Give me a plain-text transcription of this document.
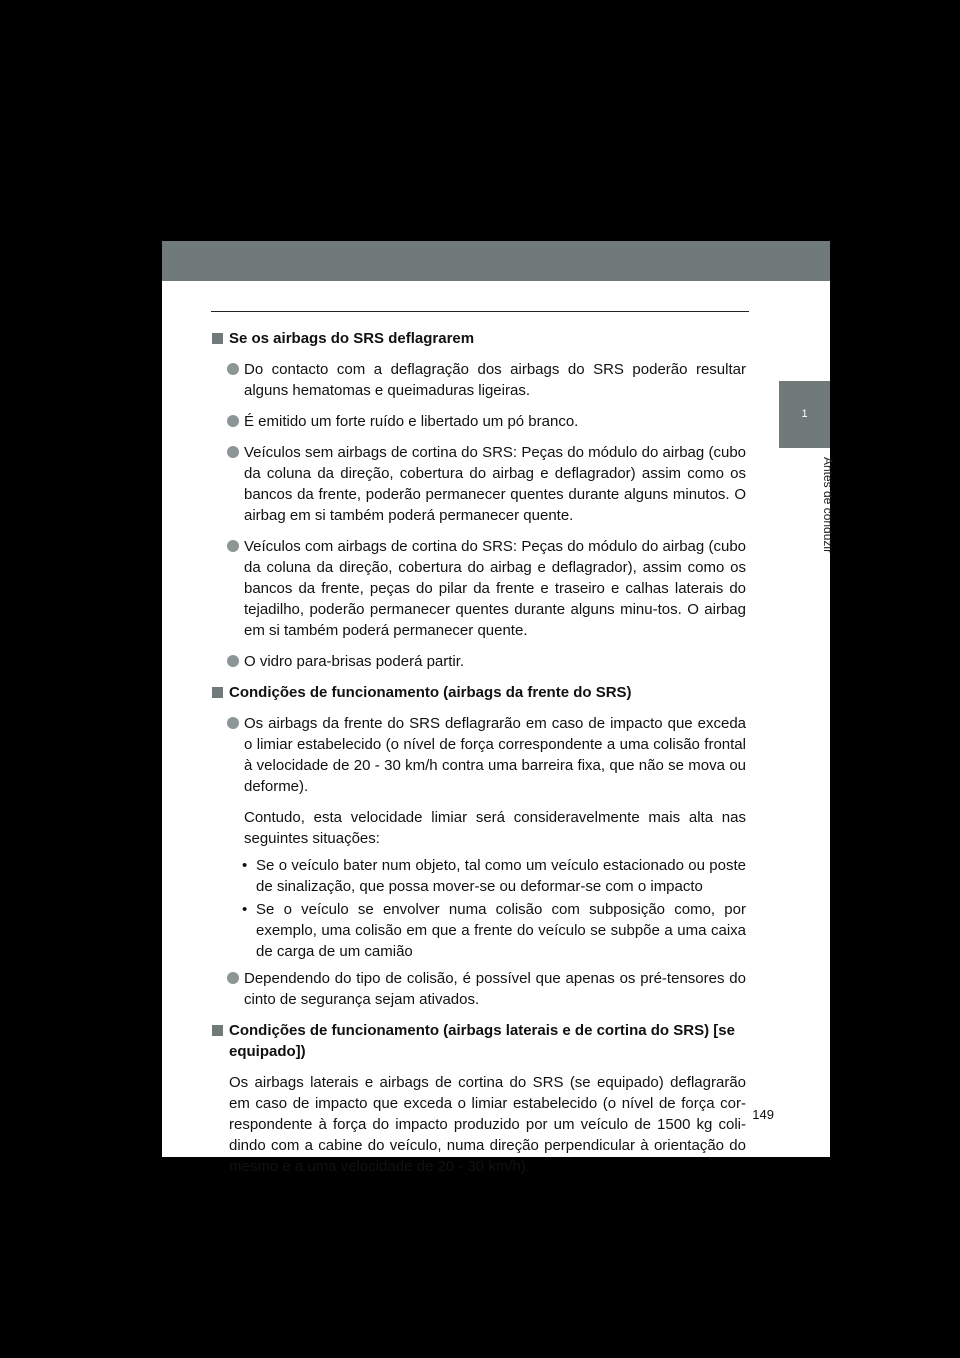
1
Antes de conduzir
Se os airbags do SRS deflagrarem
Do contacto com a deflagração dos airbags do SRS poderão resultar alguns hematomas e queimaduras ligeiras.
É emitido um forte ruído e libertado um pó branco.
Veículos sem airbags de cortina do SRS: Peças do módulo do airbag (cubo da coluna da direção, cobertura do airbag e deflagrador) assim como os bancos da frente, poderão permanecer quentes durante alguns minutos. O airbag em si também poderá permanecer quente.
Veículos com airbags de cortina do SRS: Peças do módulo do airbag (cubo da coluna da direção, cobertura do airbag e deflagrador), assim como os bancos da frente, peças do pilar da frente e traseiro e calhas laterais do tejadilho, poderão permanecer quentes durante alguns minu-tos. O airbag em si também poderá permanecer quente.
O vidro para-brisas poderá partir.
Condições de funcionamento (airbags da frente do SRS)
Os airbags da frente do SRS deflagrarão em caso de impacto que exceda o limiar estabelecido (o nível de força correspondente a uma colisão frontal à velocidade de 20 - 30 km/h contra uma barreira fixa, que não se mova ou deforme).
Contudo, esta velocidade limiar será consideravelmente mais alta nas seguintes situações:
• Se o veículo bater num objeto, tal como um veículo estacionado ou poste de sinalização, que possa mover-se ou deformar-se com o impacto
• Se o veículo se envolver numa colisão com subposição como, por exemplo, uma colisão em que a frente do veículo se subpõe a uma caixa de carga de um camião
Dependendo do tipo de colisão, é possível que apenas os pré-tensores do cinto de segurança sejam ativados.
Condições de funcionamento (airbags laterais e de cortina do SRS) [se equipado])
Os airbags laterais e airbags de cortina do SRS (se equipado) deflagrarão em caso de impacto que exceda o limiar estabelecido (o nível de força cor-respondente à força do impacto produzido por um veículo de 1500 kg coli-dindo com a cabine do veículo, numa direção perpendicular à orientação do mesmo e a uma velocidade de 20 - 30 km/h).
149
